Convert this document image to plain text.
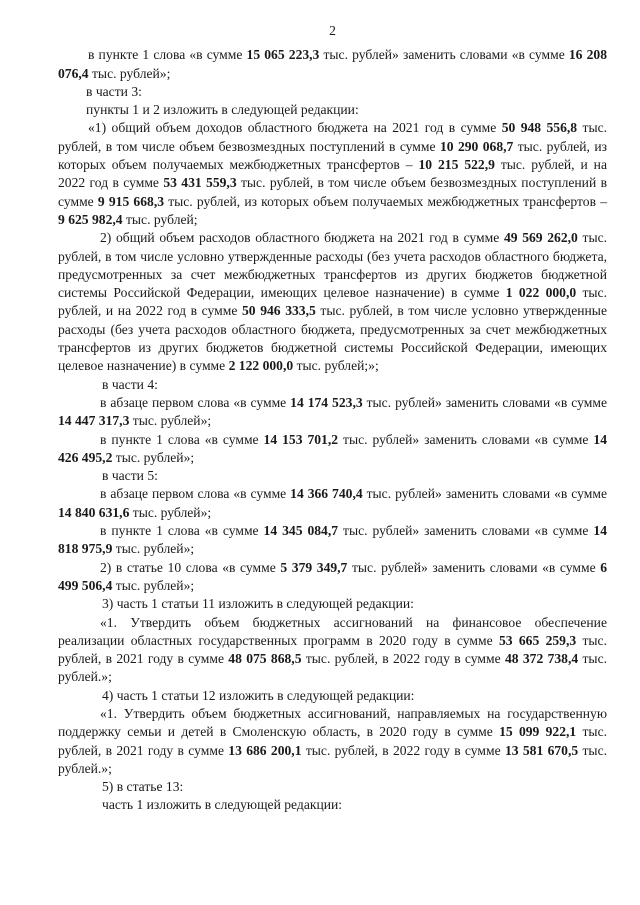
2

в пункте 1 слова «в сумме 15 065 223,3 тыс. рублей» заменить словами «в сумме 16 208 076,4 тыс. рублей»;

в части 3:

пункты 1 и 2 изложить в следующей редакции:

«1) общий объем доходов областного бюджета на 2021 год в сумме 50 948 556,8 тыс. рублей, в том числе объем безвозмездных поступлений в сумме 10 290 068,7 тыс. рублей, из которых объем получаемых межбюджетных трансфертов – 10 215 522,9 тыс. рублей, и на 2022 год в сумме 53 431 559,3 тыс. рублей, в том числе объем безвозмездных поступлений в сумме 9 915 668,3 тыс. рублей, из которых объем получаемых межбюджетных трансфертов – 9 625 982,4 тыс. рублей;

2) общий объем расходов областного бюджета на 2021 год в сумме 49 569 262,0 тыс. рублей, в том числе условно утвержденные расходы (без учета расходов областного бюджета, предусмотренных за счет межбюджетных трансфертов из других бюджетов бюджетной системы Российской Федерации, имеющих целевое назначение) в сумме 1 022 000,0 тыс. рублей, и на 2022 год в сумме 50 946 333,5 тыс. рублей, в том числе условно утвержденные расходы (без учета расходов областного бюджета, предусмотренных за счет межбюджетных трансфертов из других бюджетов бюджетной системы Российской Федерации, имеющих целевое назначение) в сумме 2 122 000,0 тыс. рублей;»;

в части 4:

в абзаце первом слова «в сумме 14 174 523,3 тыс. рублей» заменить словами «в сумме 14 447 317,3 тыс. рублей»;

в пункте 1 слова «в сумме 14 153 701,2 тыс. рублей» заменить словами «в сумме 14 426 495,2 тыс. рублей»;

в части 5:

в абзаце первом слова «в сумме 14 366 740,4 тыс. рублей» заменить словами «в сумме 14 840 631,6 тыс. рублей»;

в пункте 1 слова «в сумме 14 345 084,7 тыс. рублей» заменить словами «в сумме 14 818 975,9 тыс. рублей»;

2) в статье 10 слова «в сумме 5 379 349,7 тыс. рублей» заменить словами «в сумме 6 499 506,4 тыс. рублей»;

3) часть 1 статьи 11 изложить в следующей редакции:

«1. Утвердить объем бюджетных ассигнований на финансовое обеспечение реализации областных государственных программ в 2020 году в сумме 53 665 259,3 тыс. рублей, в 2021 году в сумме 48 075 868,5 тыс. рублей, в 2022 году в сумме 48 372 738,4 тыс. рублей.»;

4) часть 1 статьи 12 изложить в следующей редакции:

«1. Утвердить объем бюджетных ассигнований, направляемых на государственную поддержку семьи и детей в Смоленскую область, в 2020 году в сумме 15 099 922,1 тыс. рублей, в 2021 году в сумме 13 686 200,1 тыс. рублей, в 2022 году в сумме 13 581 670,5 тыс. рублей.»;

5) в статье 13:

часть 1 изложить в следующей редакции:
